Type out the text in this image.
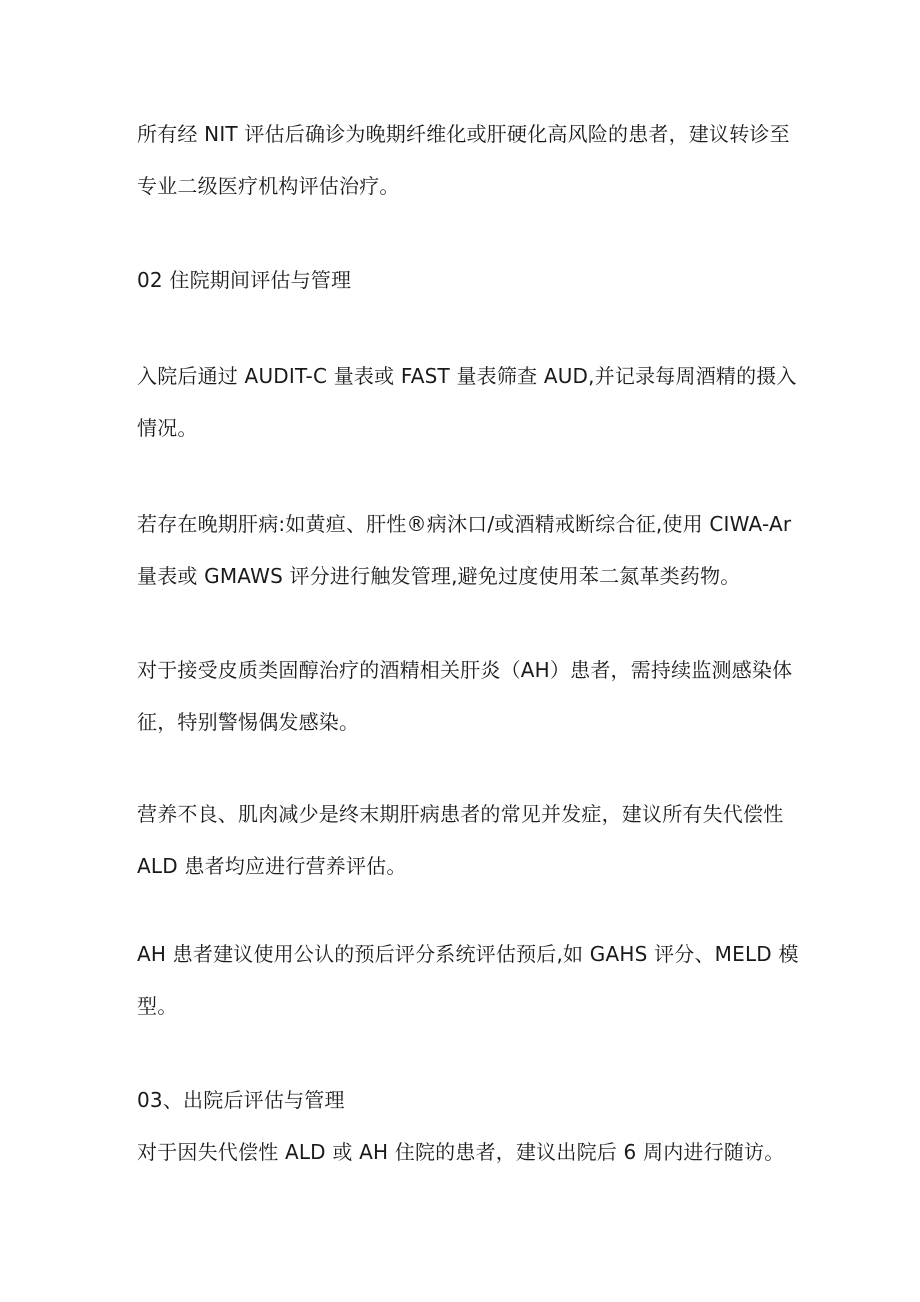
所有经 NIT 评估后确诊为晚期纤维化或肝硬化高风险的患者，建议转诊至
专业二级医疗机构评估治疗。
02 住院期间评估与管理
入院后通过 AUDIT-C 量表或 FAST 量表筛查 AUD,并记录每周酒精的摄入
情况。
若存在晚期肝病:如黄疸、肝性®病沐口/或酒精戒断综合征,使用 CIWA-Ar
量表或 GMAWS 评分进行触发管理,避免过度使用苯二氮革类药物。
对于接受皮质类固醇治疗的酒精相关肝炎（AH）患者，需持续监测感染体
征，特别警惕偶发感染。
营养不良、肌肉减少是终末期肝病患者的常见并发症，建议所有失代偿性
ALD 患者均应进行营养评估。
AH 患者建议使用公认的预后评分系统评估预后,如 GAHS 评分、MELD 模
型。
03、出院后评估与管理
对于因失代偿性 ALD 或 AH 住院的患者，建议出院后 6 周内进行随访。
